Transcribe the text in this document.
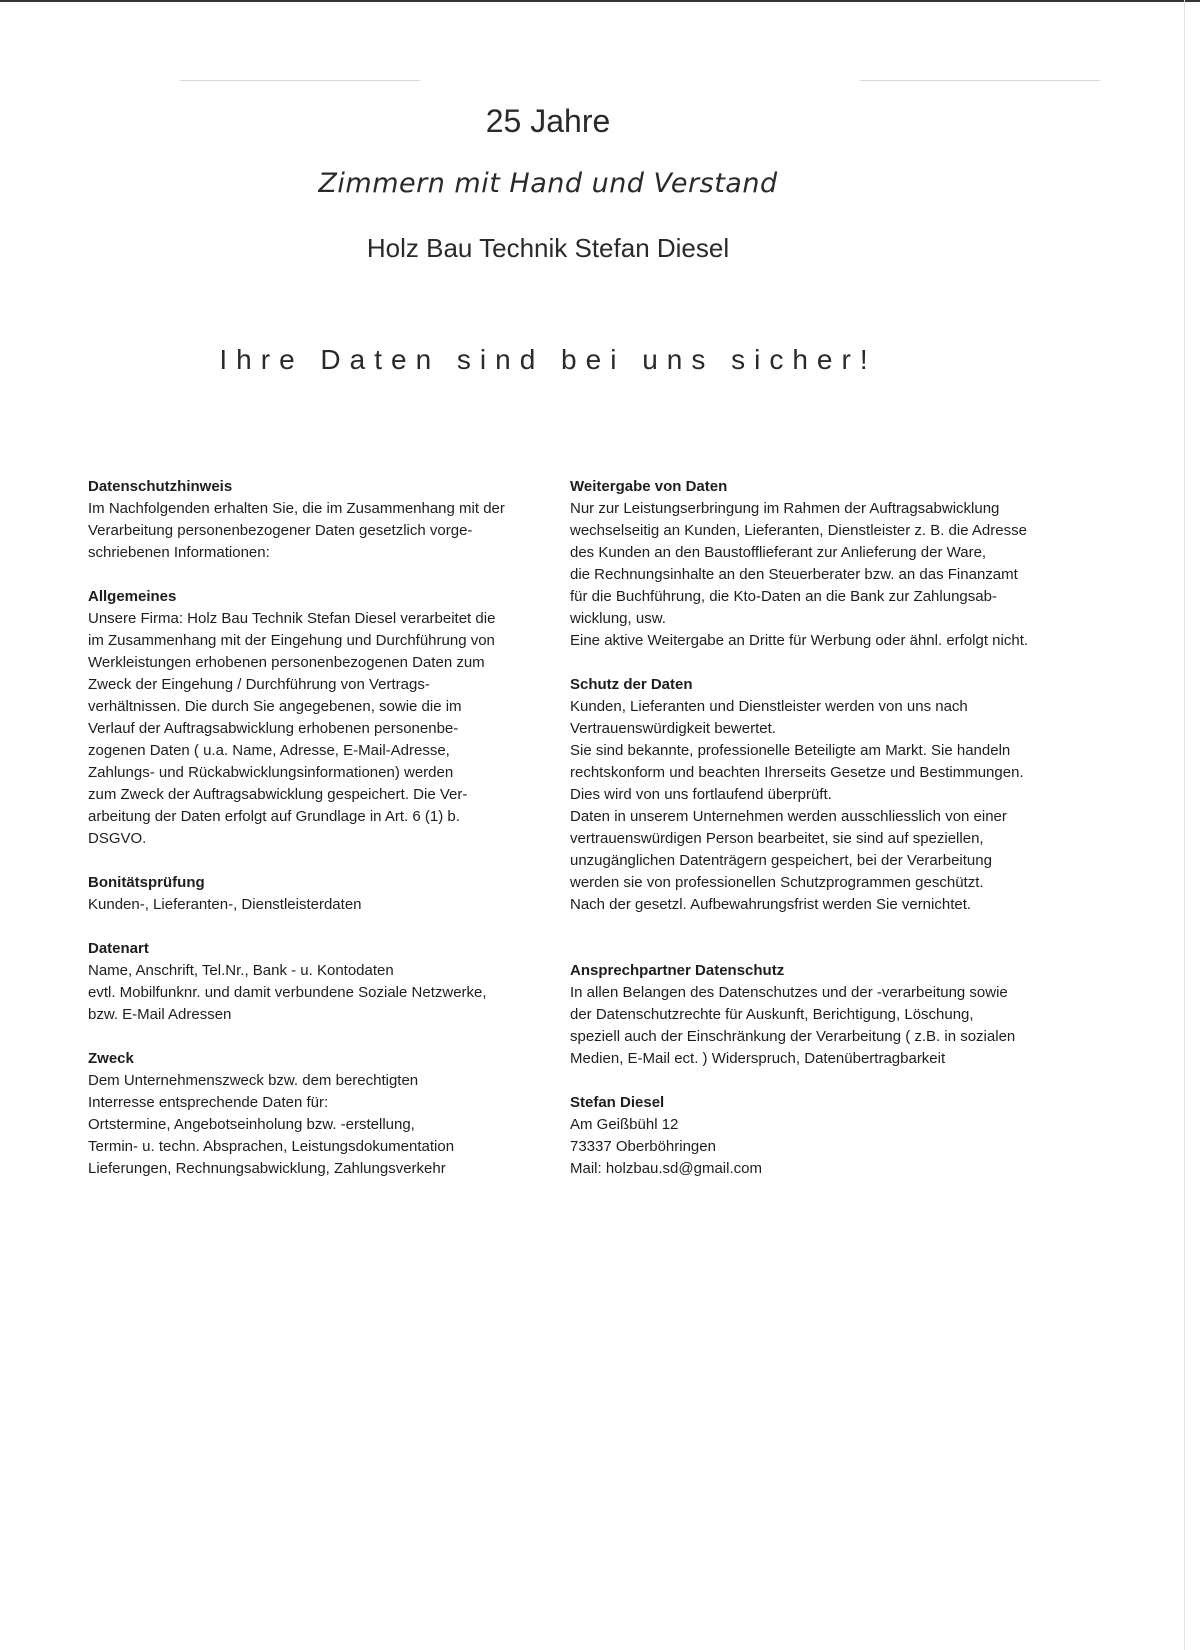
25 Jahre
Zimmern mit Hand und Verstand
Holz Bau Technik Stefan Diesel
Ihre Daten sind bei uns sicher!
Datenschutzhinweis
Im Nachfolgenden erhalten Sie, die im Zusammenhang mit der
Verarbeitung personenbezogener Daten gesetzlich vorge-
schriebenen Informationen:
Allgemeines
Unsere Firma: Holz Bau Technik Stefan Diesel verarbeitet die
im Zusammenhang mit der Eingehung und Durchführung von
Werkleistungen erhobenen personenbezogenen Daten zum
Zweck der Eingehung / Durchführung von Vertrags-
verhältnissen. Die durch Sie angegebenen, sowie die im
Verlauf der Auftragsabwicklung erhobenen personenbe-
zogenen Daten ( u.a. Name, Adresse, E-Mail-Adresse,
Zahlungs- und Rückabwicklungsinformationen) werden
zum Zweck der Auftragsabwicklung gespeichert. Die Ver-
arbeitung der Daten erfolgt auf Grundlage in Art. 6 (1) b.
DSGVO.
Bonitätsprüfung
Kunden-, Lieferanten-, Dienstleisterdaten
Datenart
Name, Anschrift, Tel.Nr., Bank - u. Kontodaten
evtl. Mobilfunknr. und damit verbundene Soziale Netzwerke,
bzw. E-Mail Adressen
Zweck
Dem Unternehmenszweck bzw. dem berechtigten
Interresse entsprechende Daten für:
Ortstermine, Angebotseinholung bzw. -erstellung,
Termin- u. techn. Absprachen, Leistungsdokumentation
Lieferungen, Rechnungsabwicklung, Zahlungsverkehr
Weitergabe von Daten
Nur zur Leistungserbringung im Rahmen der Auftragsabwicklung
wechselseitig an Kunden, Lieferanten, Dienstleister z. B. die Adresse
des Kunden an den Baustofflieferant zur Anlieferung der Ware,
die Rechnungsinhalte an den Steuerberater bzw. an das Finanzamt
für die Buchführung, die Kto-Daten an die Bank zur Zahlungsab-
wicklung, usw.
Eine aktive Weitergabe an Dritte für Werbung oder ähnl. erfolgt nicht.
Schutz der Daten
Kunden, Lieferanten und Dienstleister werden von uns nach
Vertrauenswürdigkeit bewertet.
Sie sind bekannte, professionelle Beteiligte am Markt. Sie handeln
rechtskonform und beachten Ihrerseits Gesetze und Bestimmungen.
Dies wird von uns fortlaufend überprüft.
Daten in unserem Unternehmen werden ausschliesslich von einer
vertrauenswürdigen Person bearbeitet, sie sind auf speziellen,
unzugänglichen Datenträgern gespeichert, bei der Verarbeitung
werden sie von professionellen Schutzprogrammen geschützt.
Nach der gesetzl. Aufbewahrungsfrist werden Sie vernichtet.
Ansprechpartner Datenschutz
In allen Belangen des Datenschutzes und der -verarbeitung sowie
der Datenschutzrechte für Auskunft, Berichtigung, Löschung,
speziell auch der Einschränkung der Verarbeitung ( z.B. in sozialen
Medien, E-Mail ect. ) Widerspruch, Datenübertragbarkeit
Stefan Diesel
Am Geißbühl 12
73337 Oberböhringen
Mail: holzbau.sd@gmail.com
